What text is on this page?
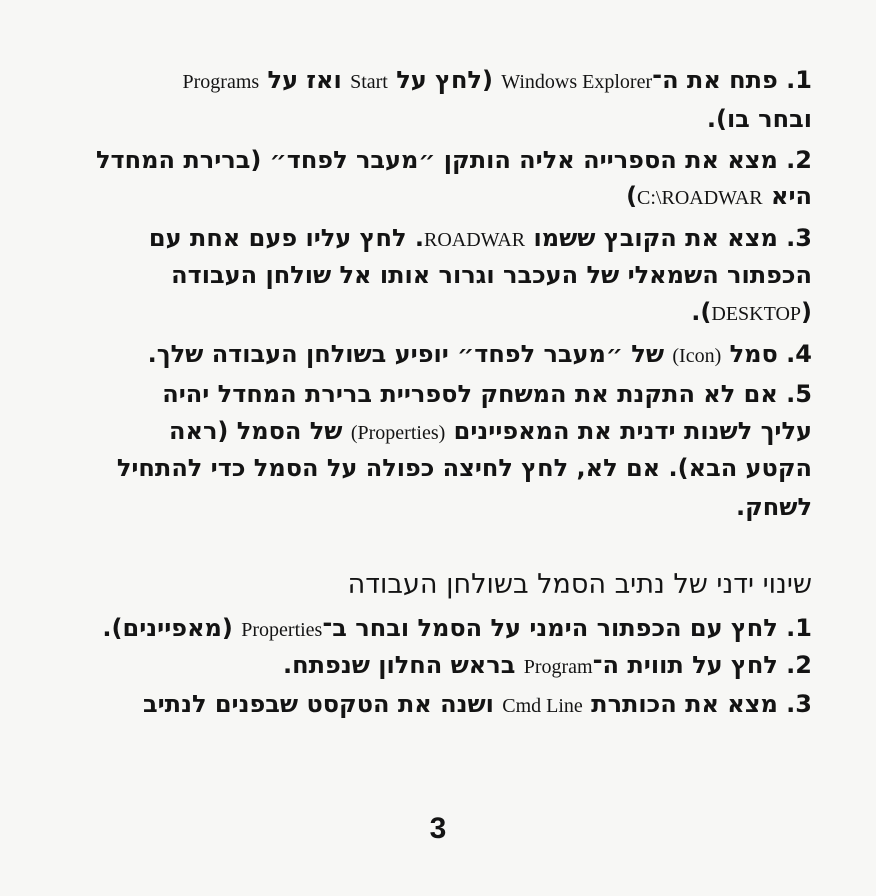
1. פתח את ה־Windows Explorer (לחץ על Start ואז על Programs
ובחר בו).
2. מצא את הספרייה אליה הותקן ״מעבר לפחד״ (ברירת המחדל
היא C:\ROADWAR)
3. מצא את הקובץ ששמו ROADWAR. לחץ עליו פעם אחת עם
הכפתור השמאלי של העכבר וגרור אותו אל שולחן העבודה
(DESKTOP).
4. סמל (Icon) של ״מעבר לפחד״ יופיע בשולחן העבודה שלך.
5. אם לא התקנת את המשחק לספריית ברירת המחדל יהיה
עליך לשנות ידנית את המאפיינים (Properties) של הסמל (ראה
הקטע הבא). אם לא, לחץ לחיצה כפולה על הסמל כדי להתחיל
לשחק.
שינוי ידני של נתיב הסמל בשולחן העבודה
1. לחץ עם הכפתור הימני על הסמל ובחר ב־Properties (מאפיינים).
2. לחץ על תווית ה־Program בראש החלון שנפתח.
3. מצא את הכותרת Cmd Line ושנה את הטקסט שבפנים לנתיב
3
